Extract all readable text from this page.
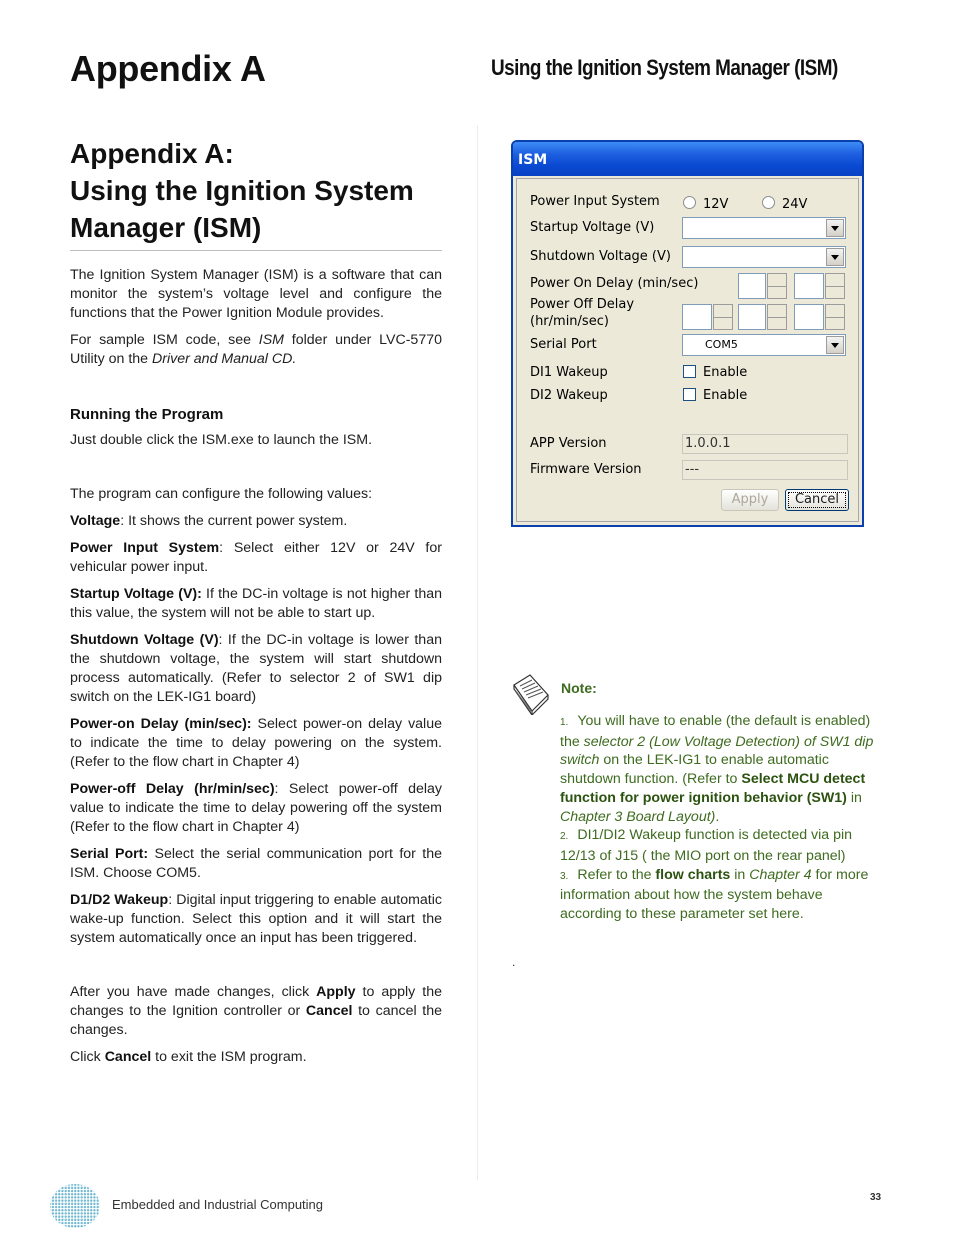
Appendix A	Using the Ignition System Manager (ISM)
Appendix A:
Using the Ignition System
Manager (ISM)

The Ignition System Manager (ISM) is a software that can monitor the system’s voltage level and configure the functions that the Power Ignition Module provides.

For sample ISM code, see ISM folder under LVC-5770 Utility on the Driver and Manual CD.

Running the Program

Just double click the ISM.exe to launch the ISM.

The program can configure the following values:

Voltage: It shows the current power system.

Power Input System: Select either 12V or 24V for vehicular power input.

Startup Voltage (V): If the DC-in voltage is not higher than this value, the system will not be able to start up.

Shutdown Voltage (V): If the DC-in voltage is lower than the shutdown voltage, the system will start shutdown process automatically. (Refer to selector 2 of SW1 dip switch on the LEK-IG1 board)

Power-on Delay (min/sec): Select power-on delay value to indicate the time to delay powering on the system. (Refer to the flow chart in Chapter 4)

Power-off Delay (hr/min/sec): Select power-off delay value to indicate the time to delay powering off the system (Refer to the flow chart in Chapter 4)

Serial Port: Select the serial communication port for the ISM. Choose COM5.

D1/D2 Wakeup: Digital input triggering to enable automatic wake-up function. Select this option and it will start the system automatically once an input has been triggered.

After you have made changes, click Apply to apply the changes to the Ignition controller or Cancel to cancel the changes.

Click Cancel to exit the ISM program.

ISM
Power Input System	12V	24V
Startup Voltage (V)
Shutdown Voltage (V)
Power On Delay (min/sec)
Power Off Delay
(hr/min/sec)
Serial Port	COM5
DI1 Wakeup	Enable
DI2 Wakeup	Enable
APP Version	1.0.0.1
Firmware Version	---
Apply	Cancel
Note:
1. You will have to enable (the default is enabled) the selector 2 (Low Voltage Detection) of SW1 dip switch on the LEK-IG1 to enable automatic shutdown function. (Refer to Select MCU detect function for power ignition behavior (SW1) in Chapter 3 Board Layout).
2. DI1/DI2 Wakeup function is detected via pin 12/13 of J15 ( the MIO port on the rear panel)
3. Refer to the flow charts in Chapter 4 for more information about how the system behave according to these parameter set here.
.
Embedded and Industrial Computing	33
